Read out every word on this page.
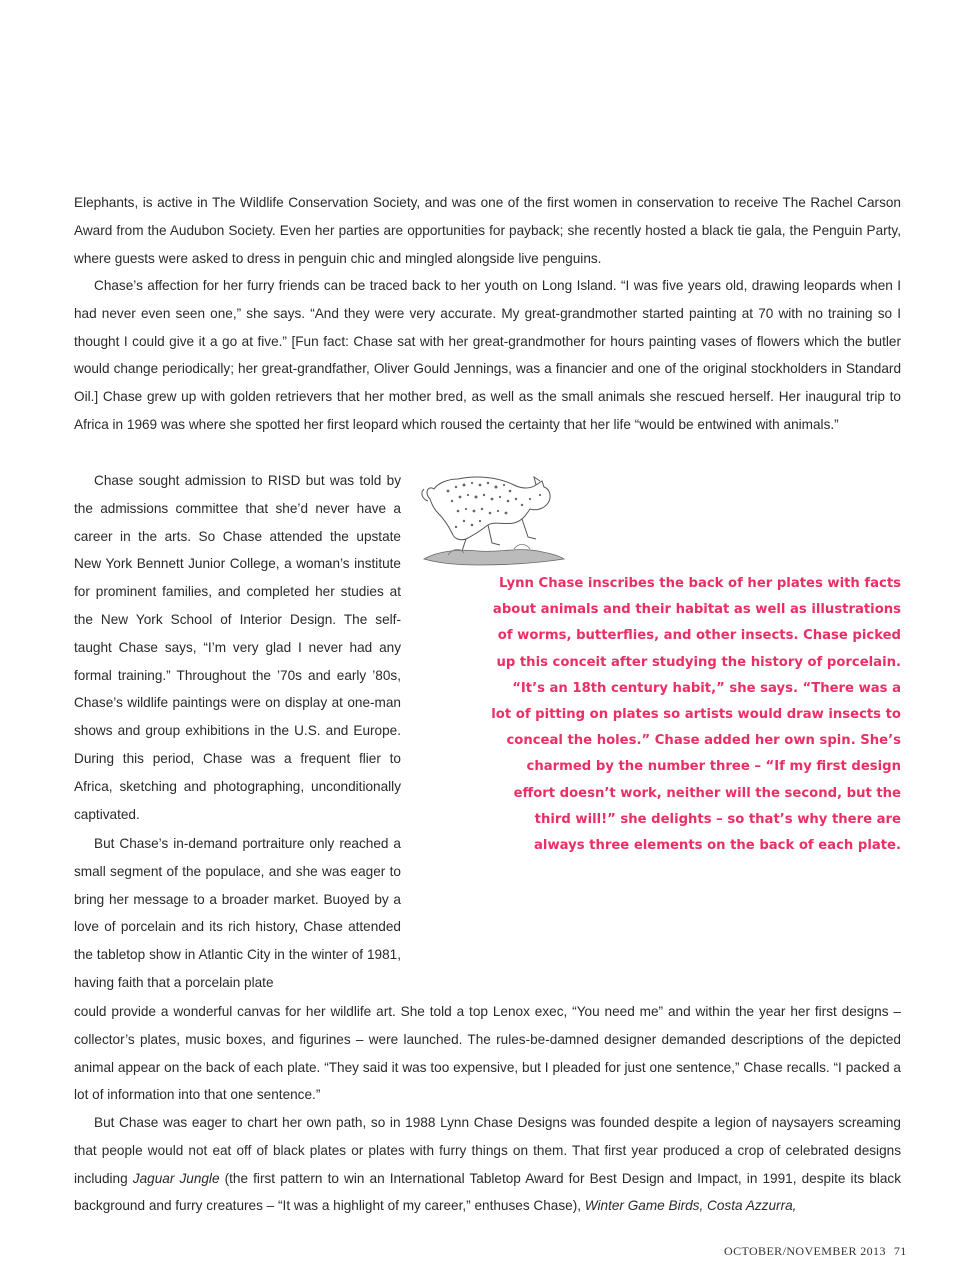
Elephants, is active in The Wildlife Conservation Society, and was one of the first women in conservation to receive The Rachel Carson Award from the Audubon Society. Even her parties are opportunities for payback; she recently hosted a black tie gala, the Penguin Party, where guests were asked to dress in penguin chic and mingled alongside live penguins.

Chase’s affection for her furry friends can be traced back to her youth on Long Island. “I was five years old, drawing leopards when I had never even seen one,” she says. “And they were very accurate. My great-grandmother started painting at 70 with no training so I thought I could give it a go at five.” [Fun fact: Chase sat with her great-grandmother for hours painting vases of flowers which the butler would change periodically; her great-grandfather, Oliver Gould Jennings, was a financier and one of the original stockholders in Standard Oil.] Chase grew up with golden retrievers that her mother bred, as well as the small animals she rescued herself. Her inaugural trip to Africa in 1969 was where she spotted her first leopard which roused the certainty that her life “would be entwined with animals.”

Chase sought admission to RISD but was told by the admissions committee that she’d never have a career in the arts. So Chase attended the upstate New York Bennett Junior College, a woman’s institute for prominent families, and completed her studies at the New York School of Interior Design. The self-taught Chase says, “I’m very glad I never had any formal training.” Throughout the ’70s and early ’80s, Chase’s wildlife paintings were on display at one-man shows and group exhibitions in the U.S. and Europe. During this period, Chase was a frequent flier to Africa, sketching and photographing, unconditionally captivated.

But Chase’s in-demand portraiture only reached a small segment of the populace, and she was eager to bring her message to a broader market. Buoyed by a love of porcelain and its rich history, Chase attended the tabletop show in Atlantic City in the winter of 1981, having faith that a porcelain plate

could provide a wonderful canvas for her wildlife art. She told a top Lenox exec, “You need me” and within the year her first designs – collector’s plates, music boxes, and figurines – were launched. The rules-be-damned designer demanded descriptions of the depicted animal appear on the back of each plate. “They said it was too expensive, but I pleaded for just one sentence,” Chase recalls. “I packed a lot of information into that one sentence.”

But Chase was eager to chart her own path, so in 1988 Lynn Chase Designs was founded despite a legion of naysayers screaming that people would not eat off of black plates or plates with furry things on them. That first year produced a crop of celebrated designs including Jaguar Jungle (the first pattern to win an International Tabletop Award for Best Design and Impact, in 1991, despite its black background and furry creatures – “It was a highlight of my career,” enthuses Chase), Winter Game Birds, Costa Azzurra,

Lynn Chase inscribes the back of her plates with facts about animals and their habitat as well as illustrations of worms, butterflies, and other insects. Chase picked up this conceit after studying the history of porcelain. “It’s an 18th century habit,” she says. “There was a lot of pitting on plates so artists would draw insects to conceal the holes.” Chase added her own spin. She’s charmed by the number three – “If my first design effort doesn’t work, neither will the second, but the third will!” she delights – so that’s why there are always three elements on the back of each plate.

OCTOBER/NOVEMBER 2013 71
